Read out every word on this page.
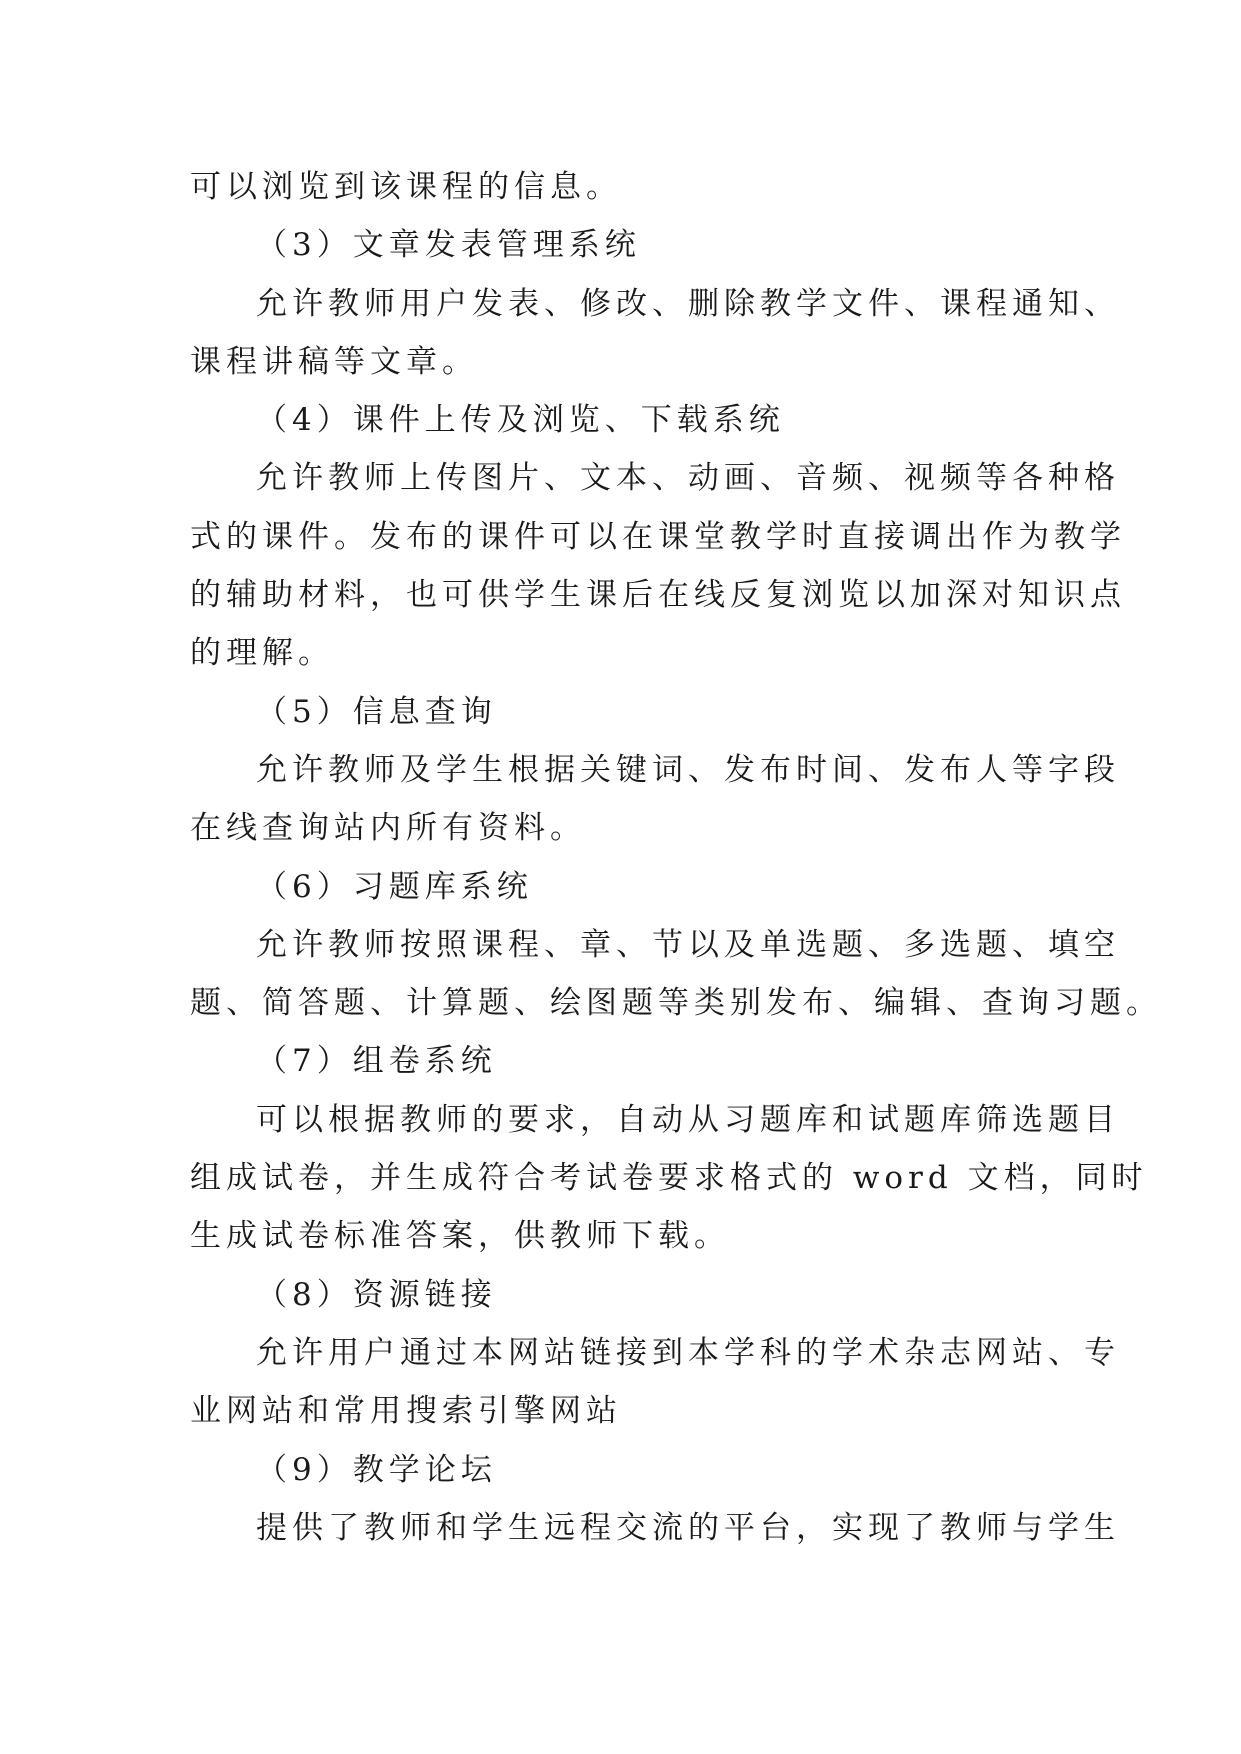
可以浏览到该课程的信息。
（3）文章发表管理系统
允许教师用户发表、修改、删除教学文件、课程通知、
课程讲稿等文章。
（4）课件上传及浏览、下载系统
允许教师上传图片、文本、动画、音频、视频等各种格
式的课件。发布的课件可以在课堂教学时直接调出作为教学
的辅助材料，也可供学生课后在线反复浏览以加深对知识点
的理解。
（5）信息查询
允许教师及学生根据关键词、发布时间、发布人等字段
在线查询站内所有资料。
（6）习题库系统
允许教师按照课程、章、节以及单选题、多选题、填空
题、简答题、计算题、绘图题等类别发布、编辑、查询习题。
（7）组卷系统
可以根据教师的要求，自动从习题库和试题库筛选题目
组成试卷，并生成符合考试卷要求格式的 word 文档，同时
生成试卷标准答案，供教师下载。
（8）资源链接
允许用户通过本网站链接到本学科的学术杂志网站、专
业网站和常用搜索引擎网站
（9）教学论坛
提供了教师和学生远程交流的平台，实现了教师与学生
